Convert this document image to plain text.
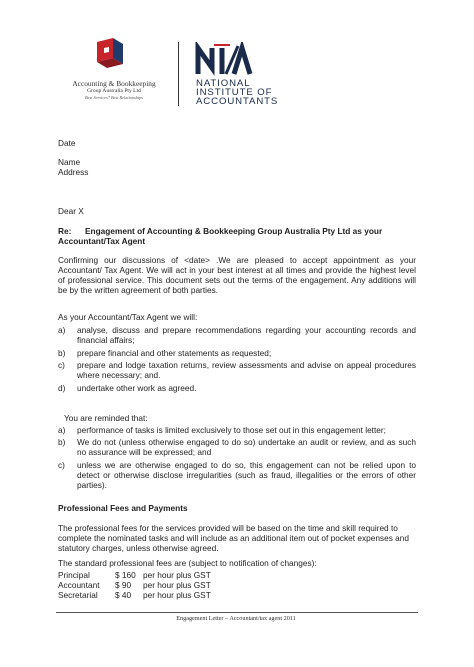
Accounting & Bookkeeping
Group Australia Pty Ltd
Best Services* Best Relationships
NATIONAL
INSTITUTE OF
ACCOUNTANTS
Date
Name
Address
Dear X
Re: Engagement of Accounting & Bookkeeping Group Australia Pty Ltd as your
Accountant/Tax Agent
Confirming our discussions of <date> .We are pleased to accept appointment as your Accountant/ Tax Agent. We will act in your best interest at all times and provide the highest level of professional service. This document sets out the terms of the engagement. Any additions will be by the written agreement of both parties.
As your Accountant/Tax Agent we will:
a) analyse, discuss and prepare recommendations regarding your accounting records and financial affairs;
b) prepare financial and other statements as requested;
c) prepare and lodge taxation returns, review assessments and advise on appeal procedures where necessary; and.
d) undertake other work as agreed.
You are reminded that:
a) performance of tasks is limited exclusively to those set out in this engagement letter;
b) We do not (unless otherwise engaged to do so) undertake an audit or review, and as such no assurance will be expressed; and
c) unless we are otherwise engaged to do so, this engagement can not be relied upon to detect or otherwise disclose irregularities (such as fraud, illegalities or the errors of other parties).
Professional Fees and Payments
The professional fees for the services provided will be based on the time and skill required to complete the nominated tasks and will include as an additional item out of pocket expenses and statutory charges, unless otherwise agreed.
The standard professional fees are (subject to notification of changes):
Principal	$ 160 per hour plus GST
Accountant $ 90 per hour plus GST
Secretarial $ 40 per hour plus GST
Engagement Letter – Accountant/tax agent 2011
